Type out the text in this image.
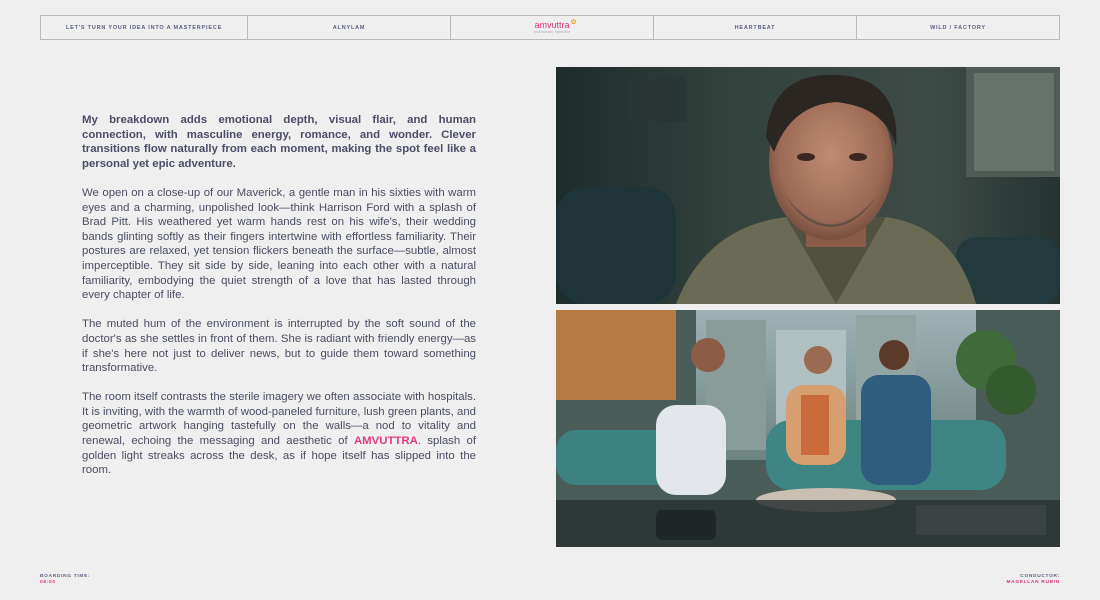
LET'S TURN YOUR IDEA INTO A MASTERPIECE	ALNYLAM	amvuttra ✿
(vutrisiran) injection
HEARTBEAT	WILD / FACTORY

My breakdown adds emotional depth, visual flair, and human connection, with masculine energy, romance, and wonder. Clever transitions flow naturally from each moment, making the spot feel like a personal yet epic adventure.

We open on a close-up of our Maverick, a gentle man in his sixties with warm eyes and a charming, unpolished look—think Harrison Ford with a splash of Brad Pitt. His weathered yet warm hands rest on his wife's, their wedding bands glinting softly as their fingers intertwine with effortless familiarity. Their postures are relaxed, yet tension flickers beneath the surface—subtle, almost imperceptible. They sit side by side, leaning into each other with a natural familiarity, embodying the quiet strength of a love that has lasted through every chapter of life.

The muted hum of the environment is interrupted by the soft sound of the doctor's as she settles in front of them. She is radiant with friendly energy—as if she's here not just to deliver news, but to guide them toward something transformative.

The room itself contrasts the sterile imagery we often associate with hospitals. It is inviting, with the warmth of wood-paneled furniture, lush green plants, and geometric artwork hanging tastefully on the walls—a nod to vitality and renewal, echoing the messaging and aesthetic of AMVUTTRA. splash of golden light streaks across the desk, as if hope itself has slipped into the room.

BOARDING TIME:
08:00
CONDUCTOR:
MAGELLAN RUBIN
